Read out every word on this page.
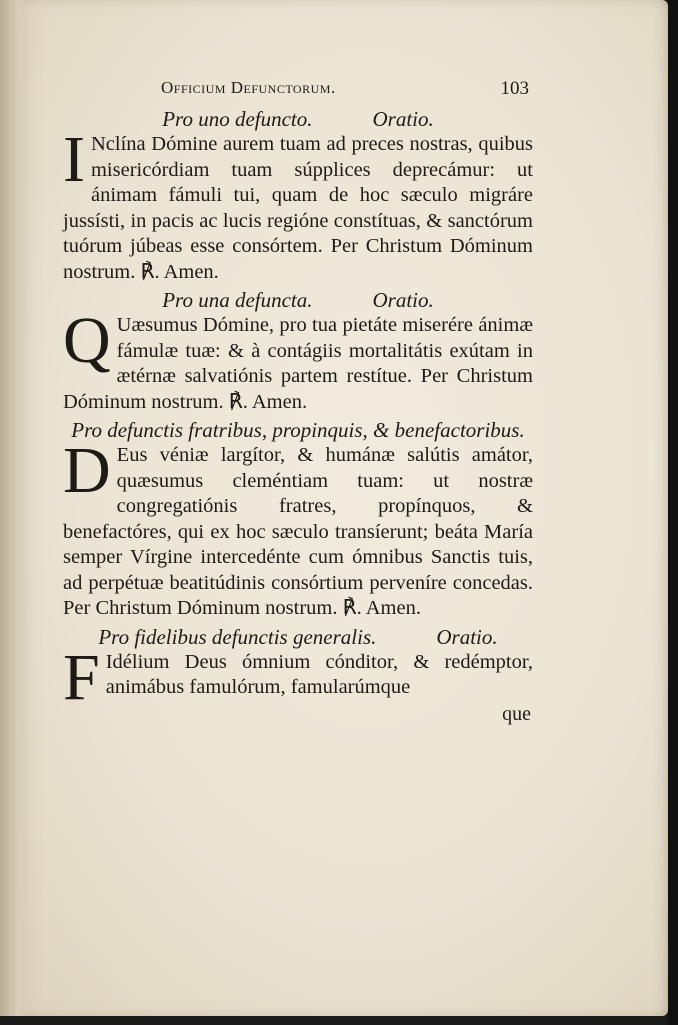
Officium Defunctorum.	103

Pro uno defuncto.	Oratio.

I Nclína Dómine aurem tuam ad preces nostras, quibus misericórdiam tuam súpplices deprecámur: ut ánimam fámuli tui, quam de hoc sæculo migráre jussísti, in pacis ac lucis regióne constítuas, & sanctórum tuórum júbeas esse consórtem. Per Christum Dóminum nostrum. ℟. Amen.

Pro una defuncta.	Oratio.

Q Uæsumus Dómine, pro tua pietáte miserére ánimæ fámulæ tuæ: & à contágiis mortalitátis exútam in ætérnæ salvatiónis partem restítue. Per Christum Dóminum nostrum. ℟. Amen.

Pro defunctis fratribus, propinquis, & benefactoribus.

D Eus véniæ largítor, & humánæ salútis amátor, quæsumus cleméntiam tuam: ut nostræ congregatiónis fratres, propínquos, & benefactóres, qui ex hoc sæculo transíerunt; beáta María semper Vírgine intercedénte cum ómnibus Sanctis tuis, ad perpétuæ beatitúdinis consórtium perveníre concedas. Per Christum Dóminum nostrum. ℟. Amen.

Pro fidelibus defunctis generalis.	Oratio.

F Idélium Deus ómnium cónditor, & redémptor, animábus famulórum, famularúmque

que
